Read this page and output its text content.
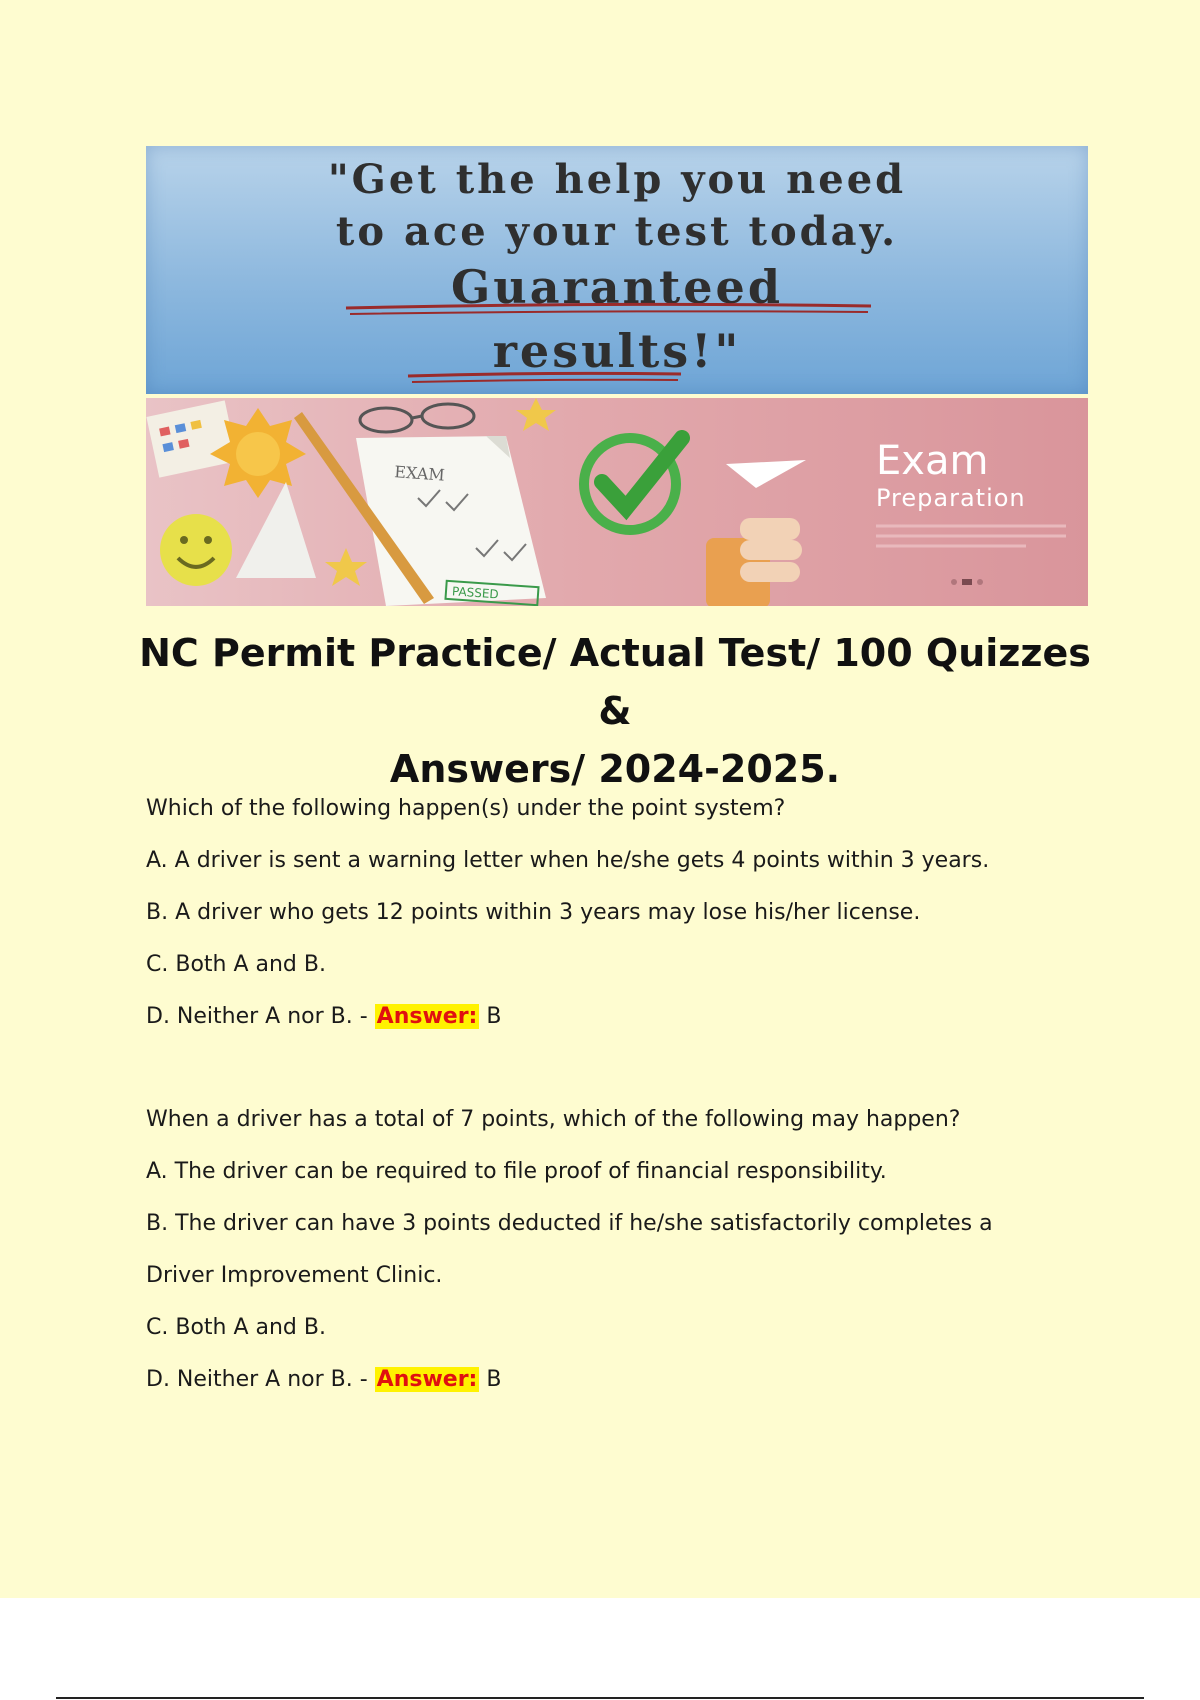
"Get the help you need
to ace your test today.
Guaranteed
results!"
EXAM
PASSED
Exam
Preparation
NC Permit Practice/ Actual Test/ 100 Quizzes &
Answers/ 2024-2025.
Which of the following happen(s) under the point system?
A. A driver is sent a warning letter when he/she gets 4 points within 3 years.
B. A driver who gets 12 points within 3 years may lose his/her license.
C. Both A and B.
D. Neither A nor B. - Answer: B
When a driver has a total of 7 points, which of the following may happen?
A. The driver can be required to file proof of financial responsibility.
B. The driver can have 3 points deducted if he/she satisfactorily completes a
Driver Improvement Clinic.
C. Both A and B.
D. Neither A nor B. - Answer: B
